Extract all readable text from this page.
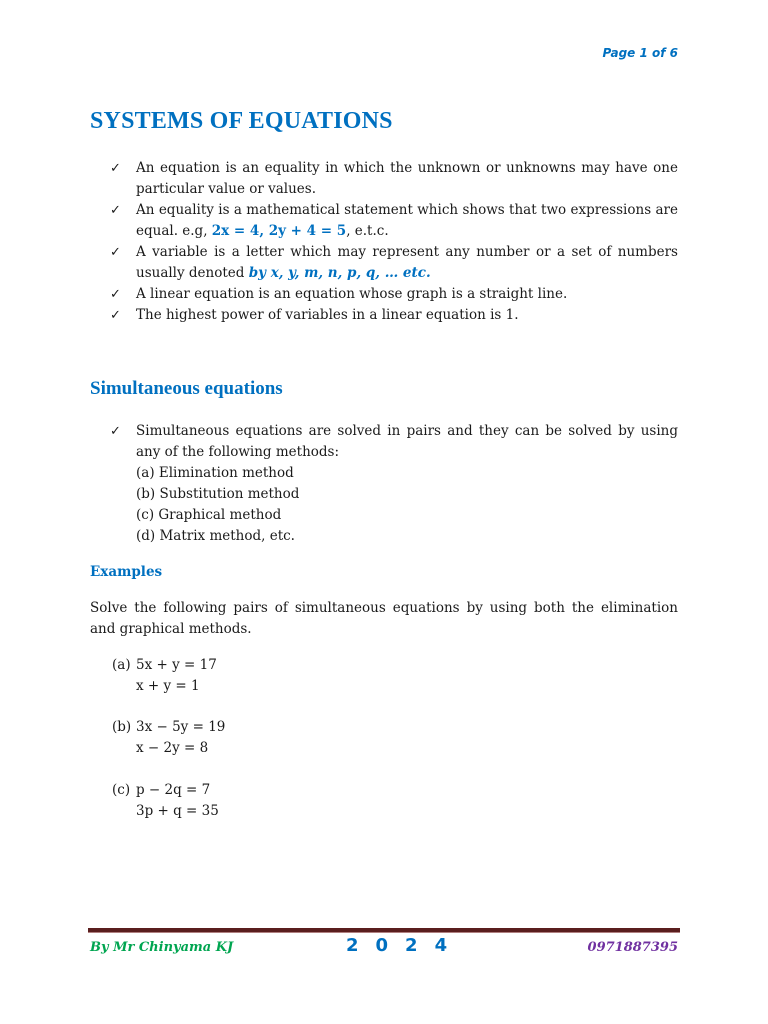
Page 1 of 6
SYSTEMS OF EQUATIONS
✓ An equation is an equality in which the unknown or unknowns may have one particular value or values.
✓ An equality is a mathematical statement which shows that two expressions are equal. e.g, 2x = 4, 2y + 4 = 5, e.t.c.
✓ A variable is a letter which may represent any number or a set of numbers usually denoted by x, y, m, n, p, q, … etc.
✓ A linear equation is an equation whose graph is a straight line.
✓ The highest power of variables in a linear equation is 1.
Simultaneous equations
✓ Simultaneous equations are solved in pairs and they can be solved by using any of the following methods:
(a) Elimination method
(b) Substitution method
(c) Graphical method
(d) Matrix method, etc.
Examples

Solve the following pairs of simultaneous equations by using both the elimination and graphical methods.

(a) 5x + y = 17
x + y = 1
(b) 3x − 5y = 19
x − 2y = 8
(c) p − 2q = 7
3p + q = 35
By Mr Chinyama KJ	2024	0971887395
